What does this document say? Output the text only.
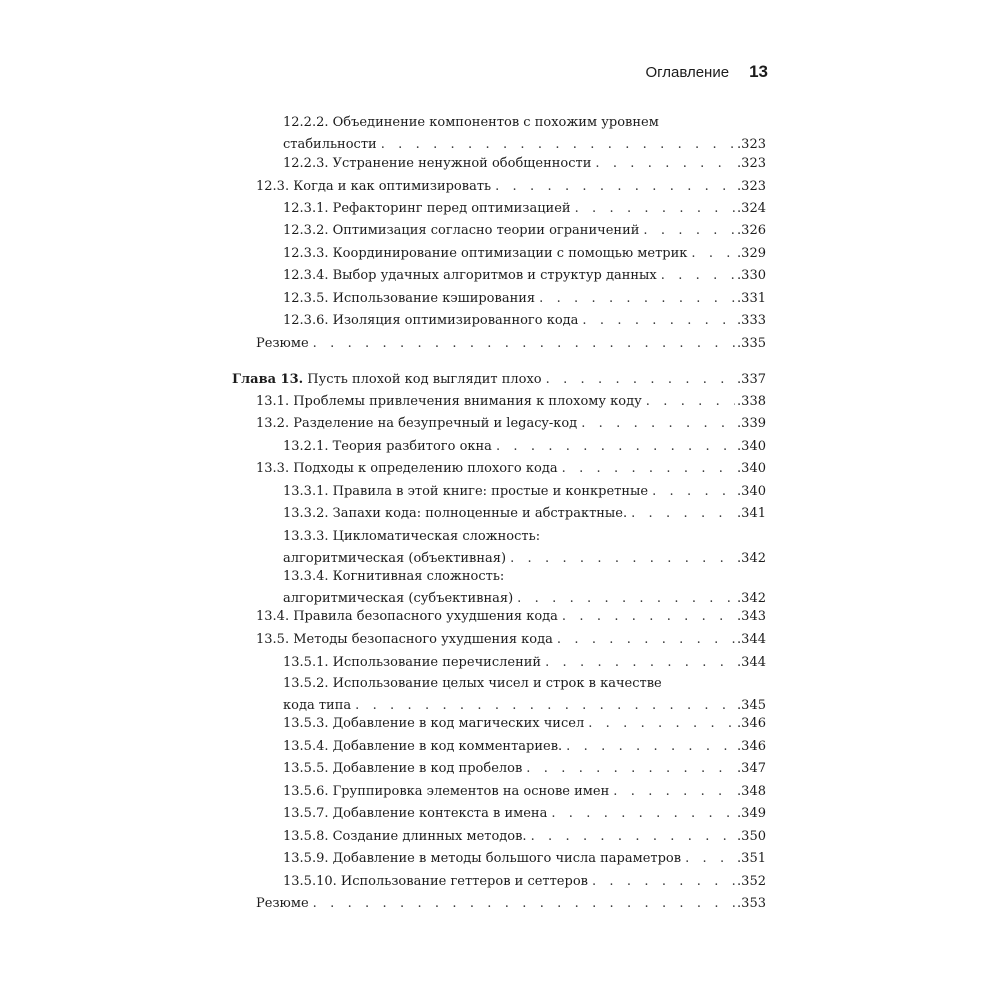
Оглавление 13
12.2.2. Объединение компонентов с похожим уровнем
стабильности . . .	.323
12.2.3. Устранение ненужной обобщенности . . .	.323
12.3. Когда и как оптимизировать . . .	.323
12.3.1. Рефакторинг перед оптимизацией . . .	.324
12.3.2. Оптимизация согласно теории ограничений . . .	.326
12.3.3. Координирование оптимизации с помощью метрик . . .	.329
12.3.4. Выбор удачных алгоритмов и структур данных . . .	.330
12.3.5. Использование кэширования . . .	.331
12.3.6. Изоляция оптимизированного кода . . .	.333
Резюме . . .	.335
Глава 13. Пусть плохой код выглядит плохо . . .	.337
13.1. Проблемы привлечения внимания к плохому коду . . .	.338
13.2. Разделение на безупречный и legacy-код . . .	.339
13.2.1. Теория разбитого окна . . .	.340
13.3. Подходы к определению плохого кода . . .	.340
13.3.1. Правила в этой книге: простые и конкретные . . .	.340
13.3.2. Запахи кода: полноценные и абстрактные. . . .	.341
13.3.3. Цикломатическая сложность:
алгоритмическая (объективная) . . .	.342
13.3.4. Когнитивная сложность:
алгоритмическая (субъективная) . . .	.342
13.4. Правила безопасного ухудшения кода . . .	.343
13.5. Методы безопасного ухудшения кода . . .	.344
13.5.1. Использование перечислений . . .	.344
13.5.2. Использование целых чисел и строк в качестве
кода типа . . .	.345
13.5.3. Добавление в код магических чисел . . .	.346
13.5.4. Добавление в код комментариев. . . .	.346
13.5.5. Добавление в код пробелов . . .	.347
13.5.6. Группировка элементов на основе имен . . .	.348
13.5.7. Добавление контекста в имена . . .	.349
13.5.8. Создание длинных методов. . . .	.350
13.5.9. Добавление в методы большого числа параметров . . .	.351
13.5.10. Использование геттеров и сеттеров . . .	.352
Резюме . . .	.353
